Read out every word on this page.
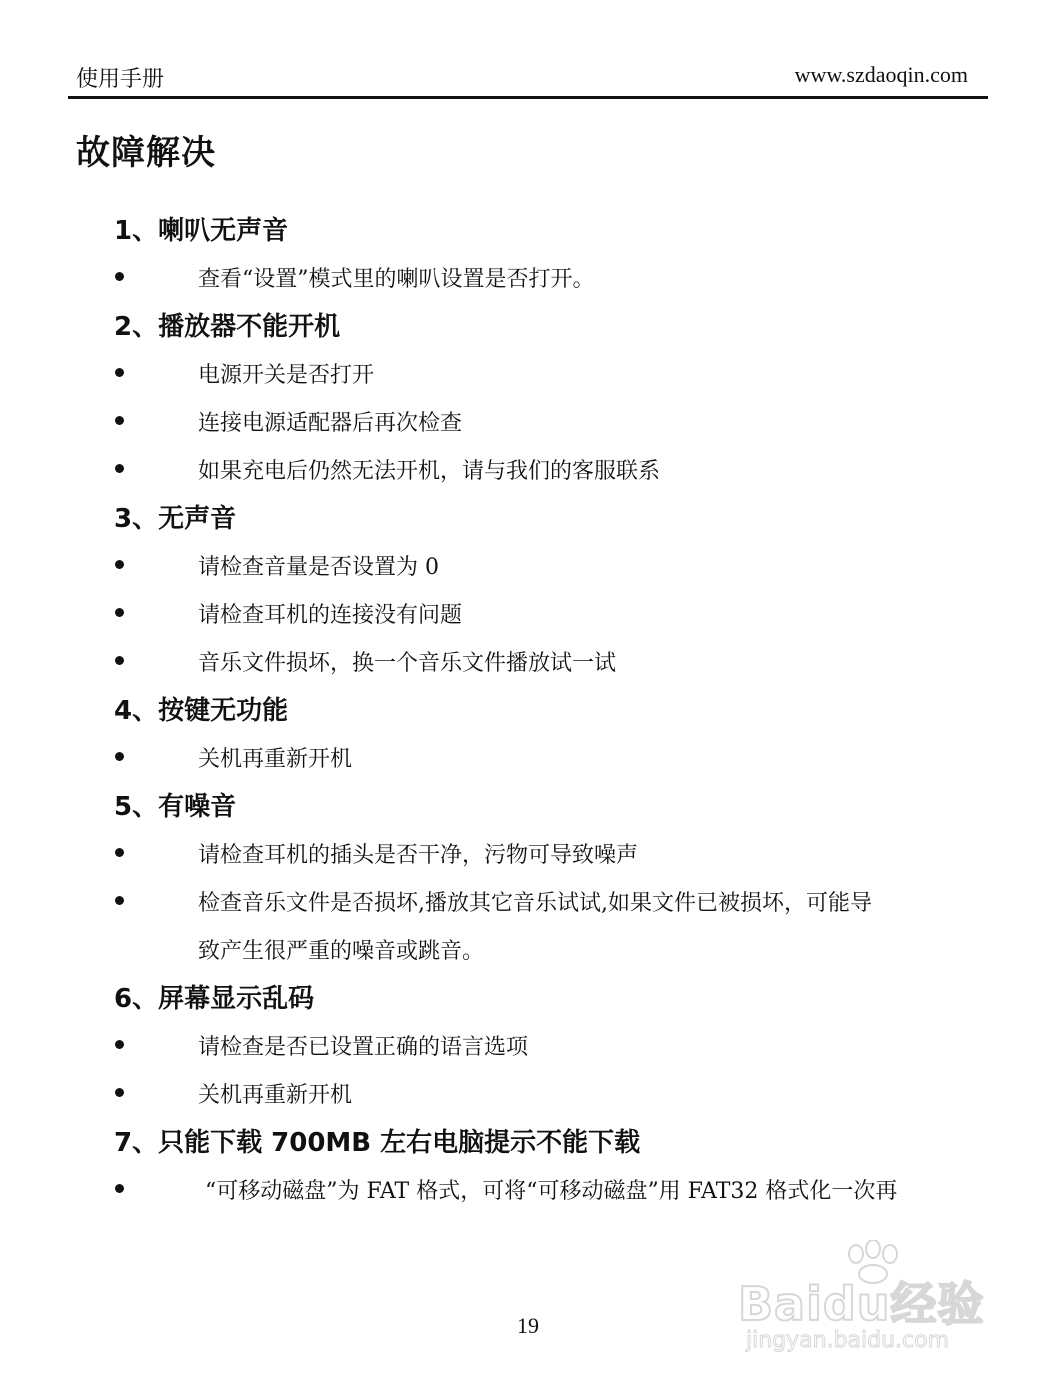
使用手册	www.szdaoqin.com
故障解决
1、喇叭无声音
查看“设置”模式里的喇叭设置是否打开。
2、播放器不能开机
电源开关是否打开
连接电源适配器后再次检查
如果充电后仍然无法开机，请与我们的客服联系
3、无声音
请检查音量是否设置为 0
请检查耳机的连接没有问题
音乐文件损坏，换一个音乐文件播放试一试
4、按键无功能
关机再重新开机
5、有噪音
请检查耳机的插头是否干净，污物可导致噪声
检查音乐文件是否损坏,播放其它音乐试试,如果文件已被损坏，可能导
致产生很严重的噪音或跳音。
6、屏幕显示乱码
请检查是否已设置正确的语言选项
关机再重新开机
7、只能下载 700MB 左右电脑提示不能下载
“可移动磁盘”为 FAT 格式，可将“可移动磁盘”用 FAT32 格式化一次再
19	Baidu经验
jingyan.baidu.com
